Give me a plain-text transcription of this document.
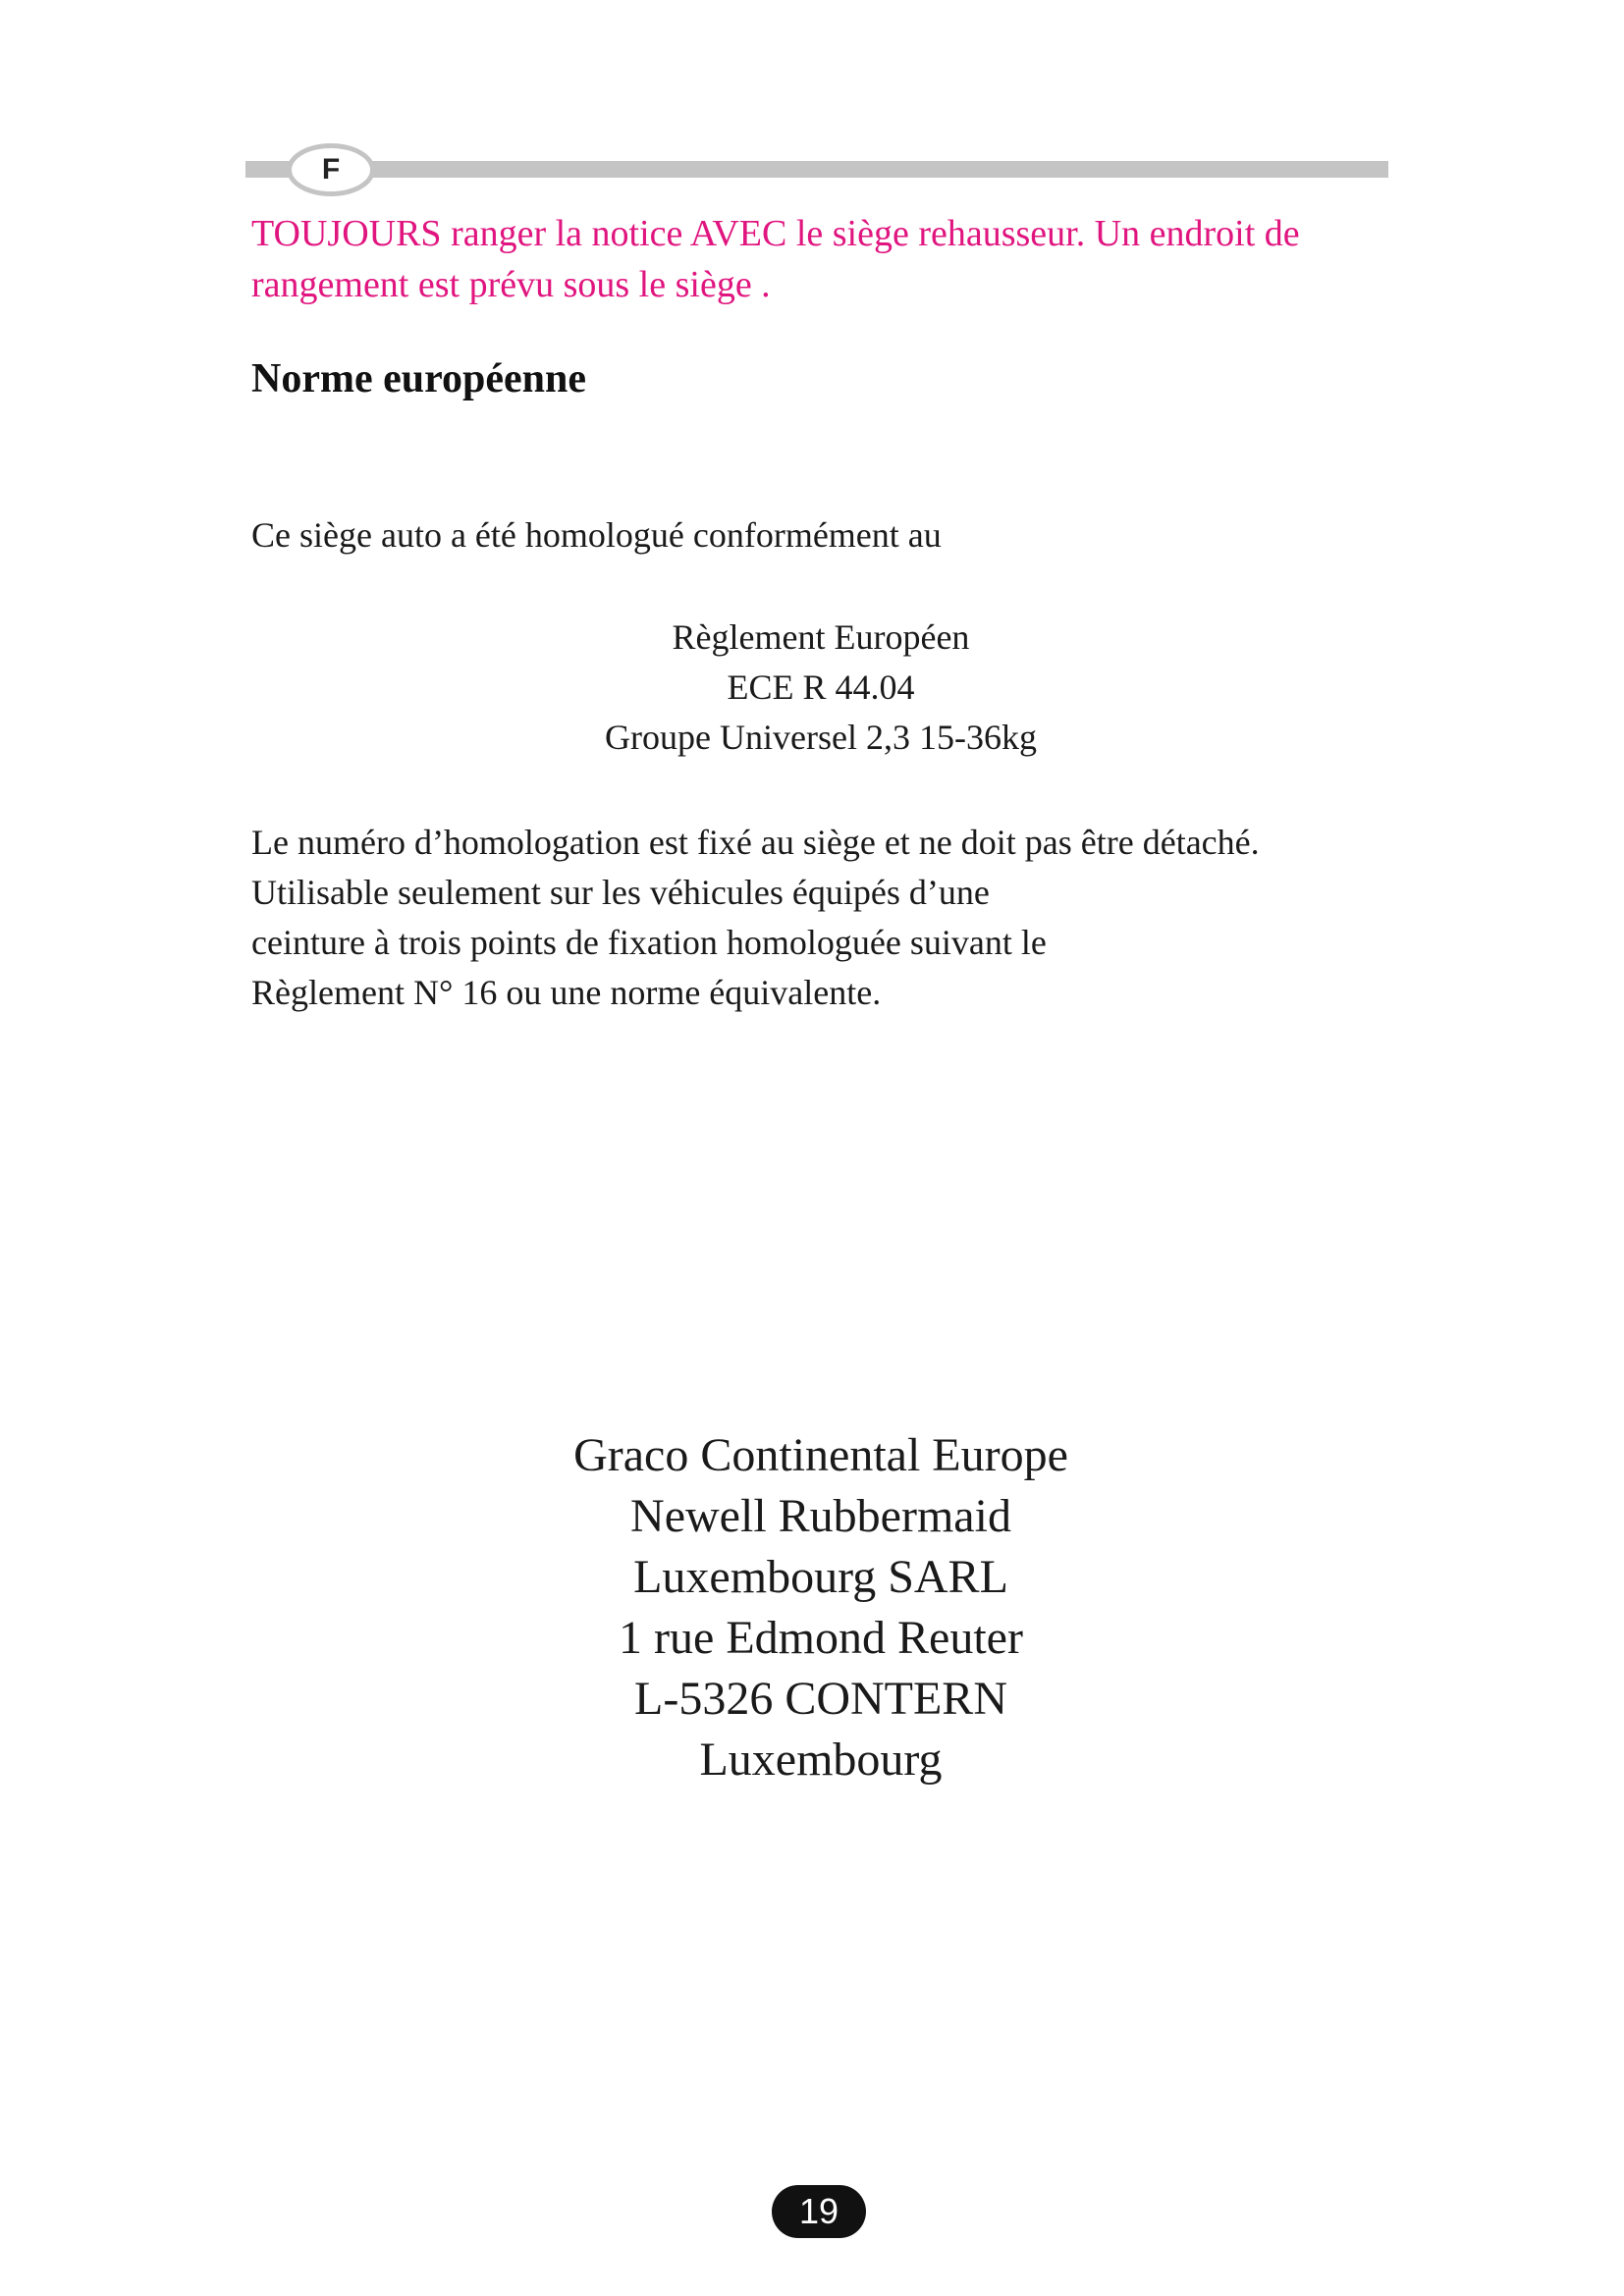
F

TOUJOURS ranger la notice AVEC le siège rehausseur. Un endroit de rangement est prévu sous le siège .

Norme européenne

Ce siège auto a été homologué conformément au

Règlement Européen
ECE R 44.04
Groupe Universel 2,3 15-36kg

Le numéro d’homologation est fixé au siège et ne doit pas être détaché.
Utilisable seulement sur les véhicules équipés d’une
ceinture à trois points de fixation homologuée suivant le
Règlement N° 16 ou une norme équivalente.

Graco Continental Europe
Newell Rubbermaid
Luxembourg SARL
1 rue Edmond Reuter
L-5326 CONTERN
Luxembourg

19
